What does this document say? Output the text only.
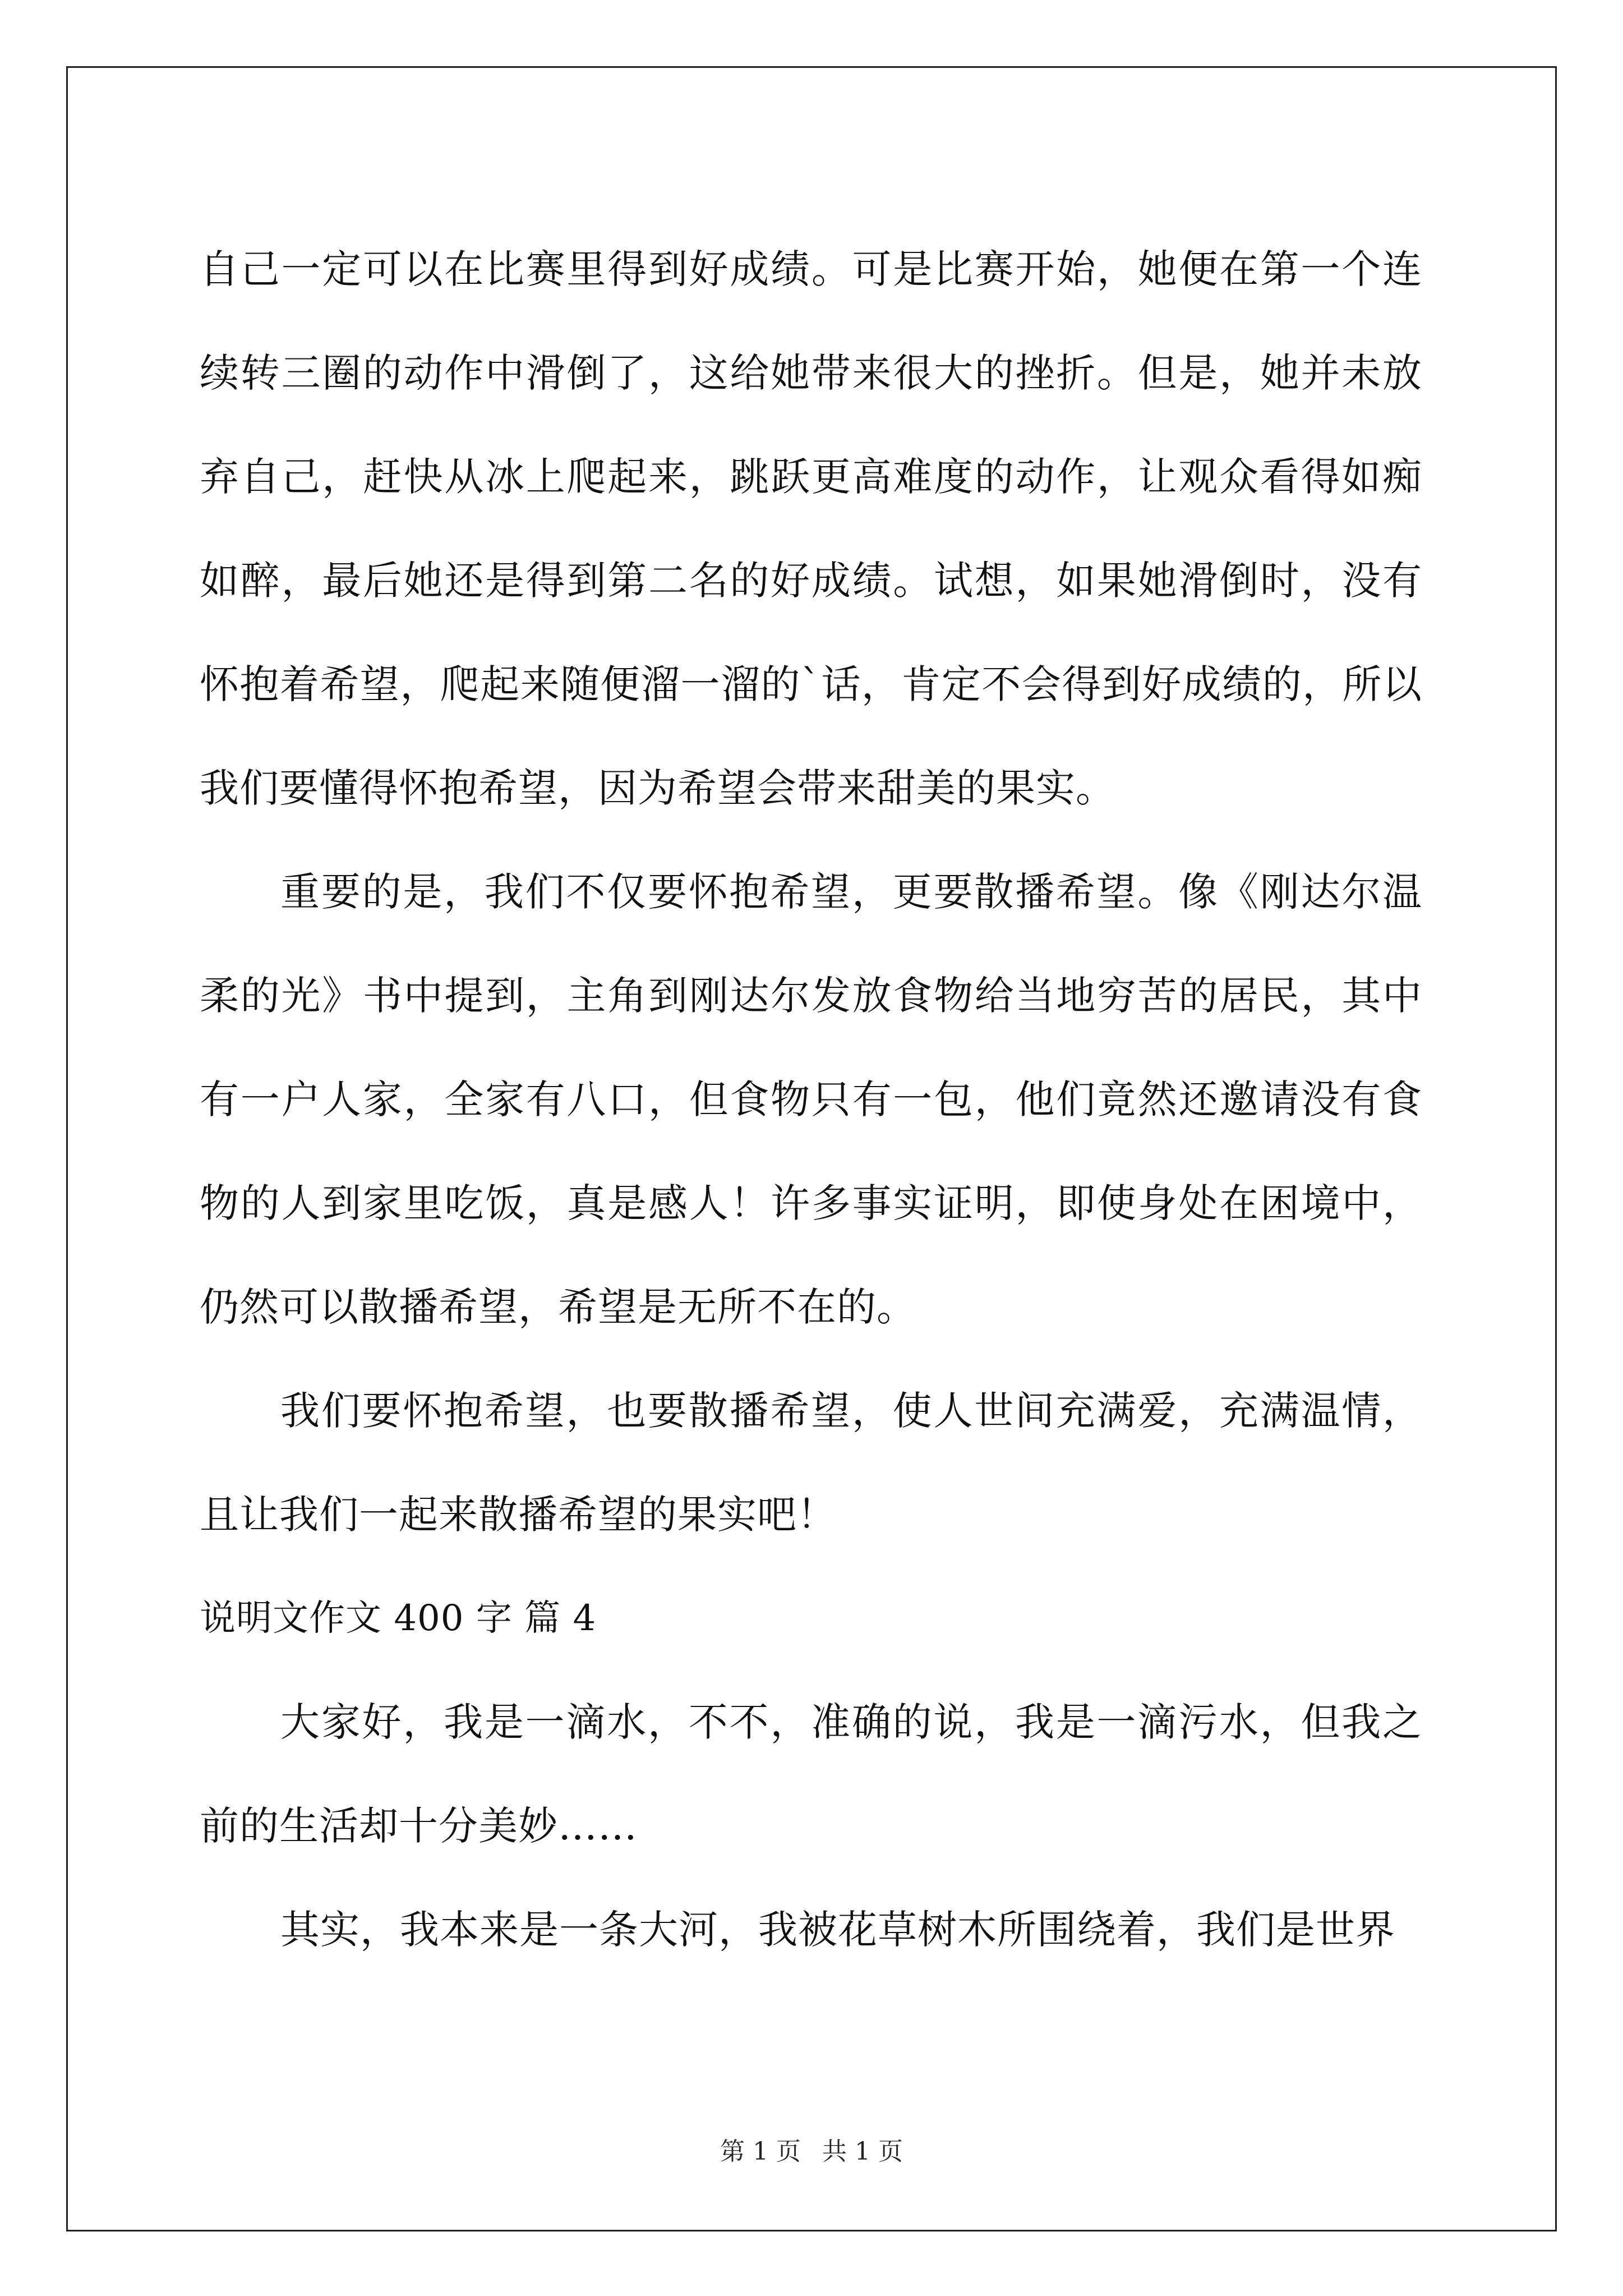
自己一定可以在比赛里得到好成绩。可是比赛开始，她便在第一个连续转三圈的动作中滑倒了，这给她带来很大的挫折。但是，她并未放弃自己，赶快从冰上爬起来，跳跃更高难度的动作，让观众看得如痴如醉，最后她还是得到第二名的好成绩。试想，如果她滑倒时，没有怀抱着希望，爬起来随便溜一溜的`话，肯定不会得到好成绩的，所以我们要懂得怀抱希望，因为希望会带来甜美的果实。

重要的是，我们不仅要怀抱希望，更要散播希望。像《刚达尔温柔的光》书中提到，主角到刚达尔发放食物给当地穷苦的居民，其中有一户人家，全家有八口，但食物只有一包，他们竟然还邀请没有食物的人到家里吃饭，真是感人！许多事实证明，即使身处在困境中，仍然可以散播希望，希望是无所不在的。

我们要怀抱希望，也要散播希望，使人世间充满爱，充满温情，且让我们一起来散播希望的果实吧！

说明文作文 400 字 篇 4

大家好，我是一滴水，不不，准确的说，我是一滴污水，但我之前的生活却十分美妙……

其实，我本来是一条大河，我被花草树木所围绕着，我们是世界

第 1 页 共 1 页
